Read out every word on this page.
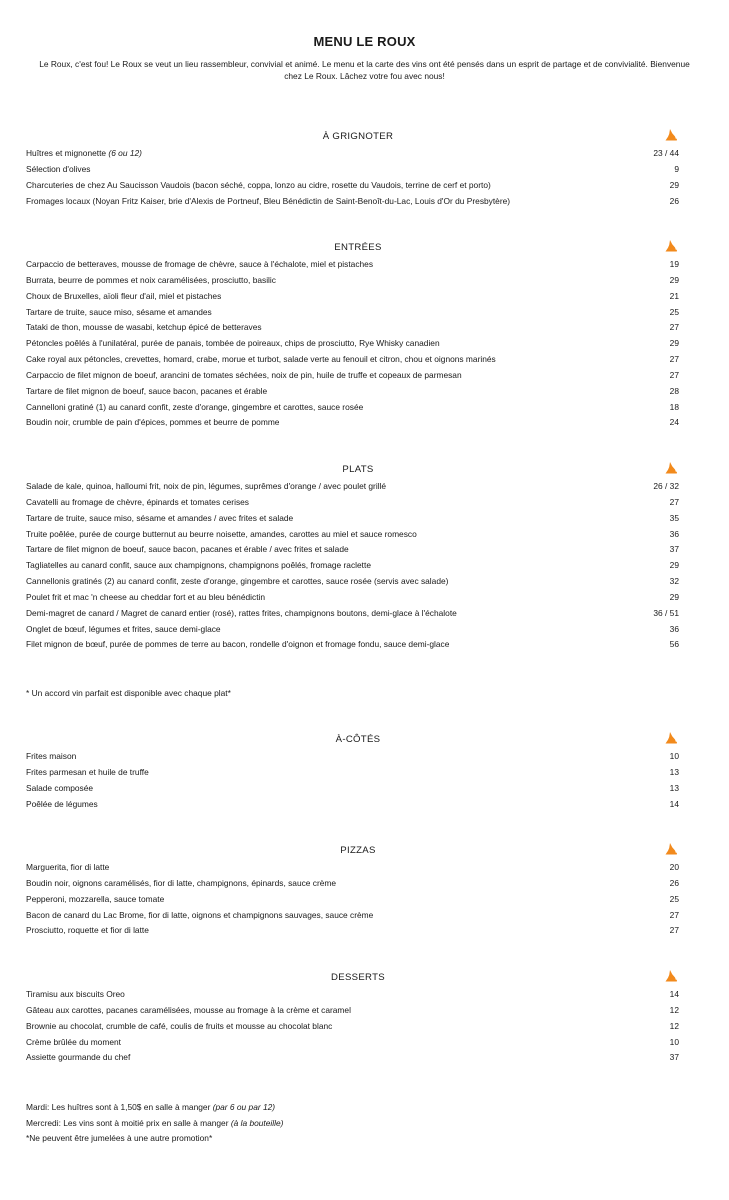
MENU LE ROUX
Le Roux, c'est fou! Le Roux se veut un lieu rassembleur, convivial et animé. Le menu et la carte des vins ont été pensés dans un esprit de partage et de convivialité. Bienvenue chez Le Roux. Lâchez votre fou avec nous!
À GRIGNOTER
Huîtres et mignonette (6 ou 12)	23 / 44
Sélection d'olives	9
Charcuteries de chez Au Saucisson Vaudois (bacon séché, coppa, lonzo au cidre, rosette du Vaudois, terrine de cerf et porto)	29
Fromages locaux (Noyan Fritz Kaiser, brie d'Alexis de Portneuf, Bleu Bénédictin de Saint-Benoît-du-Lac, Louis d'Or du Presbytère)	26
ENTRÉES
Carpaccio de betteraves, mousse de fromage de chèvre, sauce à l'échalote, miel et pistaches	19
Burrata, beurre de pommes et noix caramélisées, prosciutto, basilic	29
Choux de Bruxelles, aïoli fleur d'ail, miel et pistaches	21
Tartare de truite, sauce miso, sésame et amandes	25
Tataki de thon, mousse de wasabi, ketchup épicé de betteraves	27
Pétoncles poêlés à l'unilatéral, purée de panais, tombée de poireaux, chips de prosciutto, Rye Whisky canadien	29
Cake royal aux pétoncles, crevettes, homard, crabe, morue et turbot, salade verte au fenouil et citron, chou et oignons marinés	27
Carpaccio de filet mignon de boeuf, arancini de tomates séchées, noix de pin, huile de truffe et copeaux de parmesan	27
Tartare de filet mignon de boeuf, sauce bacon, pacanes et érable	28
Cannelloni gratiné (1) au canard confit, zeste d'orange, gingembre et carottes, sauce rosée	18
Boudin noir, crumble de pain d'épices, pommes et beurre de pomme	24
PLATS
Salade de kale, quinoa, halloumi frit, noix de pin, légumes, suprêmes d'orange / avec poulet grillé	26 / 32
Cavatelli au fromage de chèvre, épinards et tomates cerises	27
Tartare de truite, sauce miso, sésame et amandes / avec frites et salade	35
Truite poêlée, purée de courge butternut au beurre noisette, amandes, carottes au miel et sauce romesco	36
Tartare de filet mignon de boeuf, sauce bacon, pacanes et érable / avec frites et salade	37
Tagliatelles au canard confit, sauce aux champignons, champignons poêlés, fromage raclette	29
Cannellonis gratinés (2) au canard confit, zeste d'orange, gingembre et carottes, sauce rosée (servis avec salade)	32
Poulet frit et mac 'n cheese au cheddar fort et au bleu bénédictin	29
Demi-magret de canard / Magret de canard entier (rosé), rattes frites, champignons boutons, demi-glace à l'échalote	36 / 51
Onglet de bœuf, légumes et frites, sauce demi-glace	36
Filet mignon de bœuf, purée de pommes de terre au bacon, rondelle d'oignon et fromage fondu, sauce demi-glace	56
* Un accord vin parfait est disponible avec chaque plat*
À-CÔTÉS
Frites maison	10
Frites parmesan et huile de truffe	13
Salade composée	13
Poêlée de légumes	14
PIZZAS
Marguerita, fior di latte	20
Boudin noir, oignons caramélisés, fior di latte, champignons, épinards, sauce crème	26
Pepperoni, mozzarella, sauce tomate	25
Bacon de canard du Lac Brome, fior di latte, oignons et champignons sauvages, sauce crème	27
Prosciutto, roquette et fior di latte	27
DESSERTS
Tiramisu aux biscuits Oreo	14
Gâteau aux carottes, pacanes caramélisées, mousse au fromage à la crème et caramel	12
Brownie au chocolat, crumble de café, coulis de fruits et mousse au chocolat blanc	12
Crème brûlée du moment	10
Assiette gourmande du chef	37
Mardi: Les huîtres sont à 1,50$ en salle à manger (par 6 ou par 12)
Mercredi: Les vins sont à moitié prix en salle à manger (à la bouteille)
*Ne peuvent être jumelées à une autre promotion*
